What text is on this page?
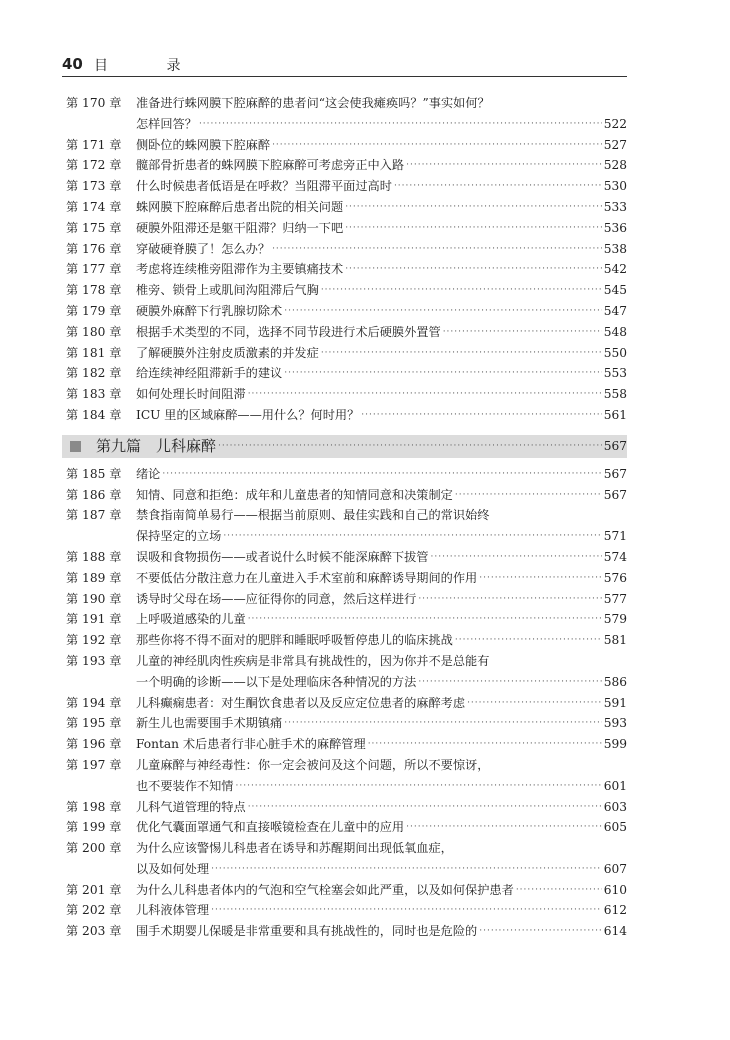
40 目 录
第 170 章 准备进行蛛网膜下腔麻醉的患者问“这会使我瘫痪吗？”事实如何？
怎样回答？ ·····	522
第 171 章 侧卧位的蛛网膜下腔麻醉 ·····	527
第 172 章 髋部骨折患者的蛛网膜下腔麻醉可考虑旁正中入路 ·····	528
第 173 章 什么时候患者低语是在呼救？当阻滞平面过高时 ·····	530
第 174 章 蛛网膜下腔麻醉后患者出院的相关问题 ·····	533
第 175 章 硬膜外阻滞还是躯干阻滞？归纳一下吧 ·····	536
第 176 章 穿破硬脊膜了！怎么办？ ·····	538
第 177 章 考虑将连续椎旁阻滞作为主要镇痛技术 ·····	542
第 178 章 椎旁、锁骨上或肌间沟阻滞后气胸 ·····	545
第 179 章 硬膜外麻醉下行乳腺切除术 ·····	547
第 180 章 根据手术类型的不同，选择不同节段进行术后硬膜外置管 ·····	548
第 181 章 了解硬膜外注射皮质激素的并发症 ·····	550
第 182 章 给连续神经阻滞新手的建议 ·····	553
第 183 章 如何处理长时间阻滞 ·····	558
第 184 章 ICU 里的区域麻醉——用什么？何时用？ ·····	561
第九篇　儿科麻醉 ·····	567
第 185 章 绪论 ·····	567
第 186 章 知情、同意和拒绝：成年和儿童患者的知情同意和决策制定 ·····	567
第 187 章 禁食指南简单易行——根据当前原则、最佳实践和自己的常识始终
保持坚定的立场 ·····	571
第 188 章 误吸和食物损伤——或者说什么时候不能深麻醉下拔管 ·····	574
第 189 章 不要低估分散注意力在儿童进入手术室前和麻醉诱导期间的作用 ·····	576
第 190 章 诱导时父母在场——应征得你的同意，然后这样进行 ·····	577
第 191 章 上呼吸道感染的儿童 ·····	579
第 192 章 那些你将不得不面对的肥胖和睡眠呼吸暂停患儿的临床挑战 ·····	581
第 193 章 儿童的神经肌肉性疾病是非常具有挑战性的，因为你并不是总能有
一个明确的诊断——以下是处理临床各种情况的方法 ·····	586
第 194 章 儿科癫痫患者：对生酮饮食患者以及反应定位患者的麻醉考虑 ·····	591
第 195 章 新生儿也需要围手术期镇痛 ·····	593
第 196 章 Fontan 术后患者行非心脏手术的麻醉管理 ·····	599
第 197 章 儿童麻醉与神经毒性：你一定会被问及这个问题，所以不要惊讶，
也不要装作不知情 ·····	601
第 198 章 儿科气道管理的特点 ·····	603
第 199 章 优化气囊面罩通气和直接喉镜检查在儿童中的应用 ·····	605
第 200 章 为什么应该警惕儿科患者在诱导和苏醒期间出现低氧血症，
以及如何处理 ·····	607
第 201 章 为什么儿科患者体内的气泡和空气栓塞会如此严重，以及如何保护患者 ·····	610
第 202 章 儿科液体管理 ·····	612
第 203 章 围手术期婴儿保暖是非常重要和具有挑战性的，同时也是危险的 ·····	614
